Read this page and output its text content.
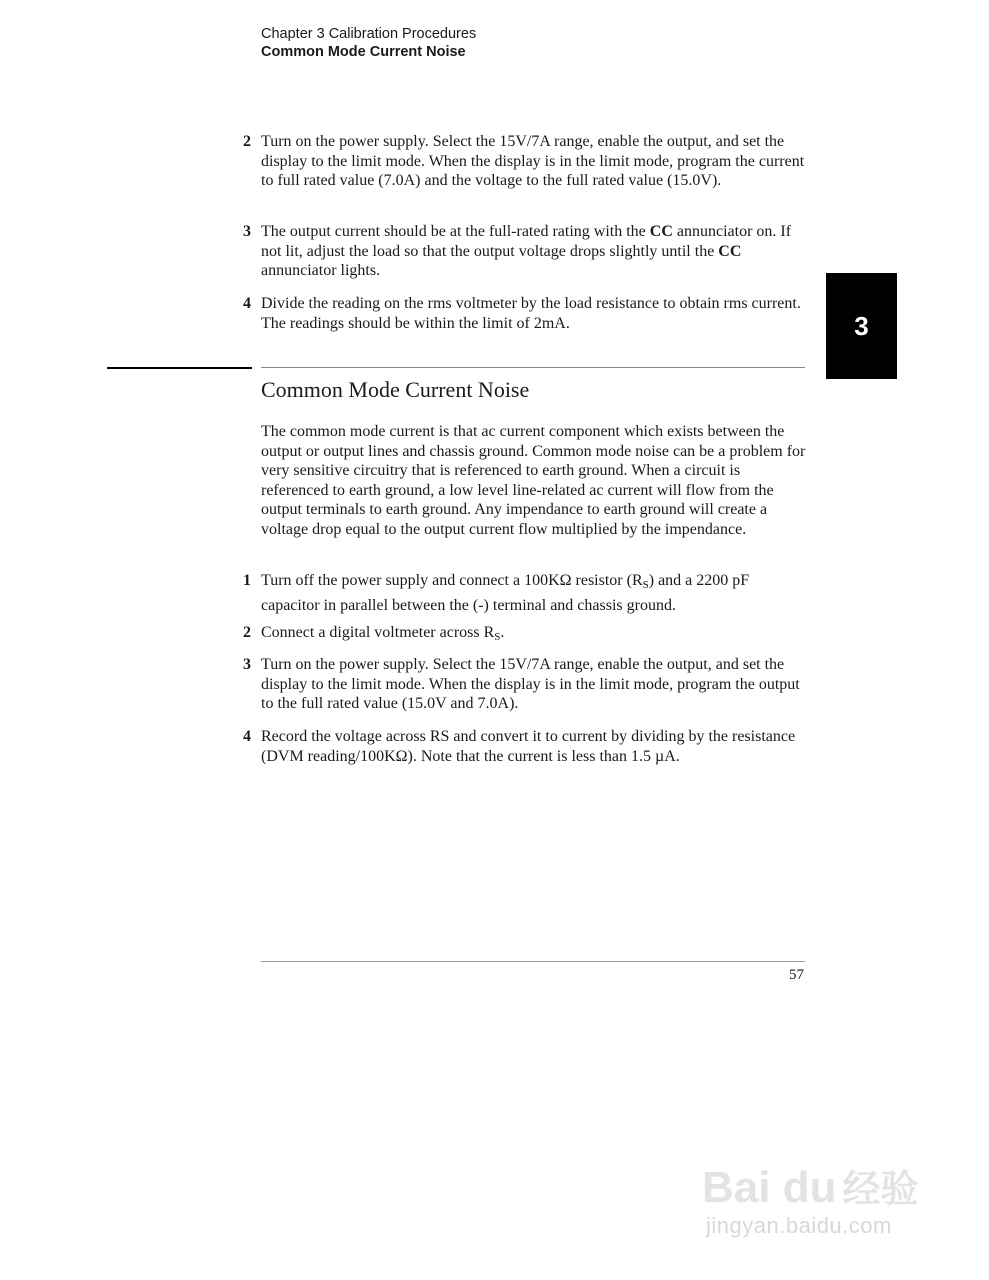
Chapter 3 Calibration Procedures
Common Mode Current Noise
2 Turn on the power supply. Select the 15V/7A range, enable the output, and set the display to the limit mode. When the display is in the limit mode, program the current to full rated value (7.0A) and the voltage to the full rated value (15.0V).
3 The output current should be at the full-rated rating with the CC annunciator on. If not lit, adjust the load so that the output voltage drops slightly until the CC annunciator lights.
4 Divide the reading on the rms voltmeter by the load resistance to obtain rms current. The readings should be within the limit of 2mA.	3
Common Mode Current Noise
The common mode current is that ac current component which exists between the output or output lines and chassis ground. Common mode noise can be a problem for very sensitive circuitry that is referenced to earth ground. When a circuit is referenced to earth ground, a low level line-related ac current will flow from the output terminals to earth ground. Any impendance to earth ground will create a voltage drop equal to the output current flow multiplied by the impendance.
1 Turn off the power supply and connect a 100KΩ resistor $(R_S)$ and a 2200 pF capacitor in parallel between the (-) terminal and chassis ground.
2 Connect a digital voltmeter across $R_S$.
3 Turn on the power supply. Select the 15V/7A range, enable the output, and set the display to the limit mode. When the display is in the limit mode, program the output to the full rated value (15.0V and 7.0A).
4 Record the voltage across RS and convert it to current by dividing by the resistance (DVM reading/100KΩ). Note that the current is less than 1.5 µA.
57
Bai du 经验
jingyan.baidu.com
